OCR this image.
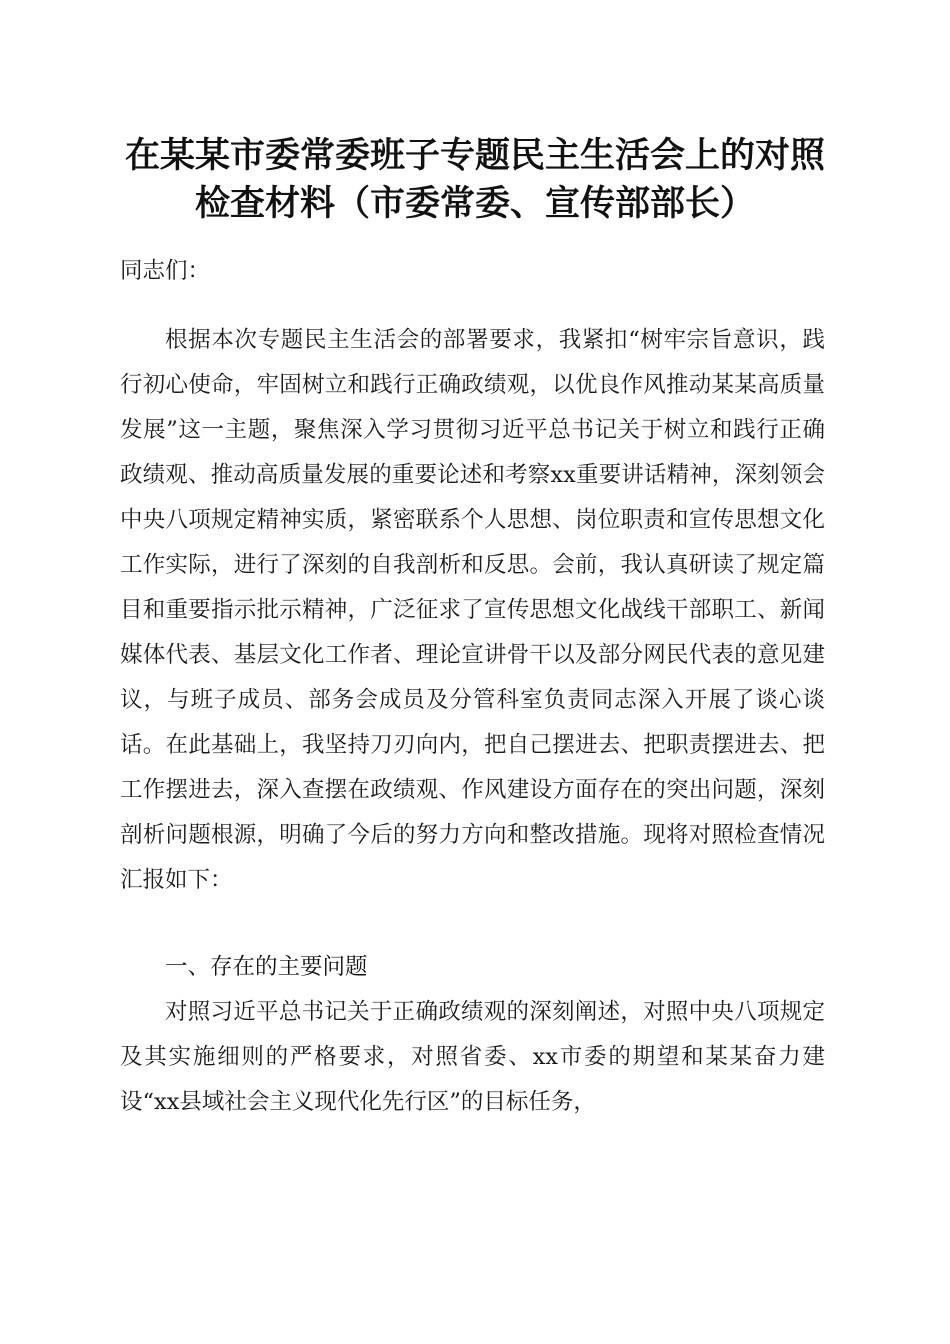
在某某市委常委班子专题民主生活会上的对照
检查材料（市委常委、宣传部部长）
同志们：

根据本次专题民主生活会的部署要求，我紧扣“树牢宗旨意识，践行初心使命，牢固树立和践行正确政绩观，以优良作风推动某某高质量发展”这一主题，聚焦深入学习贯彻习近平总书记关于树立和践行正确政绩观、推动高质量发展的重要论述和考察xx重要讲话精神，深刻领会中央八项规定精神实质，紧密联系个人思想、岗位职责和宣传思想文化工作实际，进行了深刻的自我剖析和反思。会前，我认真研读了规定篇目和重要指示批示精神，广泛征求了宣传思想文化战线干部职工、新闻媒体代表、基层文化工作者、理论宣讲骨干以及部分网民代表的意见建议，与班子成员、部务会成员及分管科室负责同志深入开展了谈心谈话。在此基础上，我坚持刀刃向内，把自己摆进去、把职责摆进去、把工作摆进去，深入查摆在政绩观、作风建设方面存在的突出问题，深刻剖析问题根源，明确了今后的努力方向和整改措施。现将对照检查情况汇报如下：

一、存在的主要问题

对照习近平总书记关于正确政绩观的深刻阐述，对照中央八项规定及其实施细则的严格要求，对照省委、xx市委的期望和某某奋力建设“xx县域社会主义现代化先行区”的目标任务，
